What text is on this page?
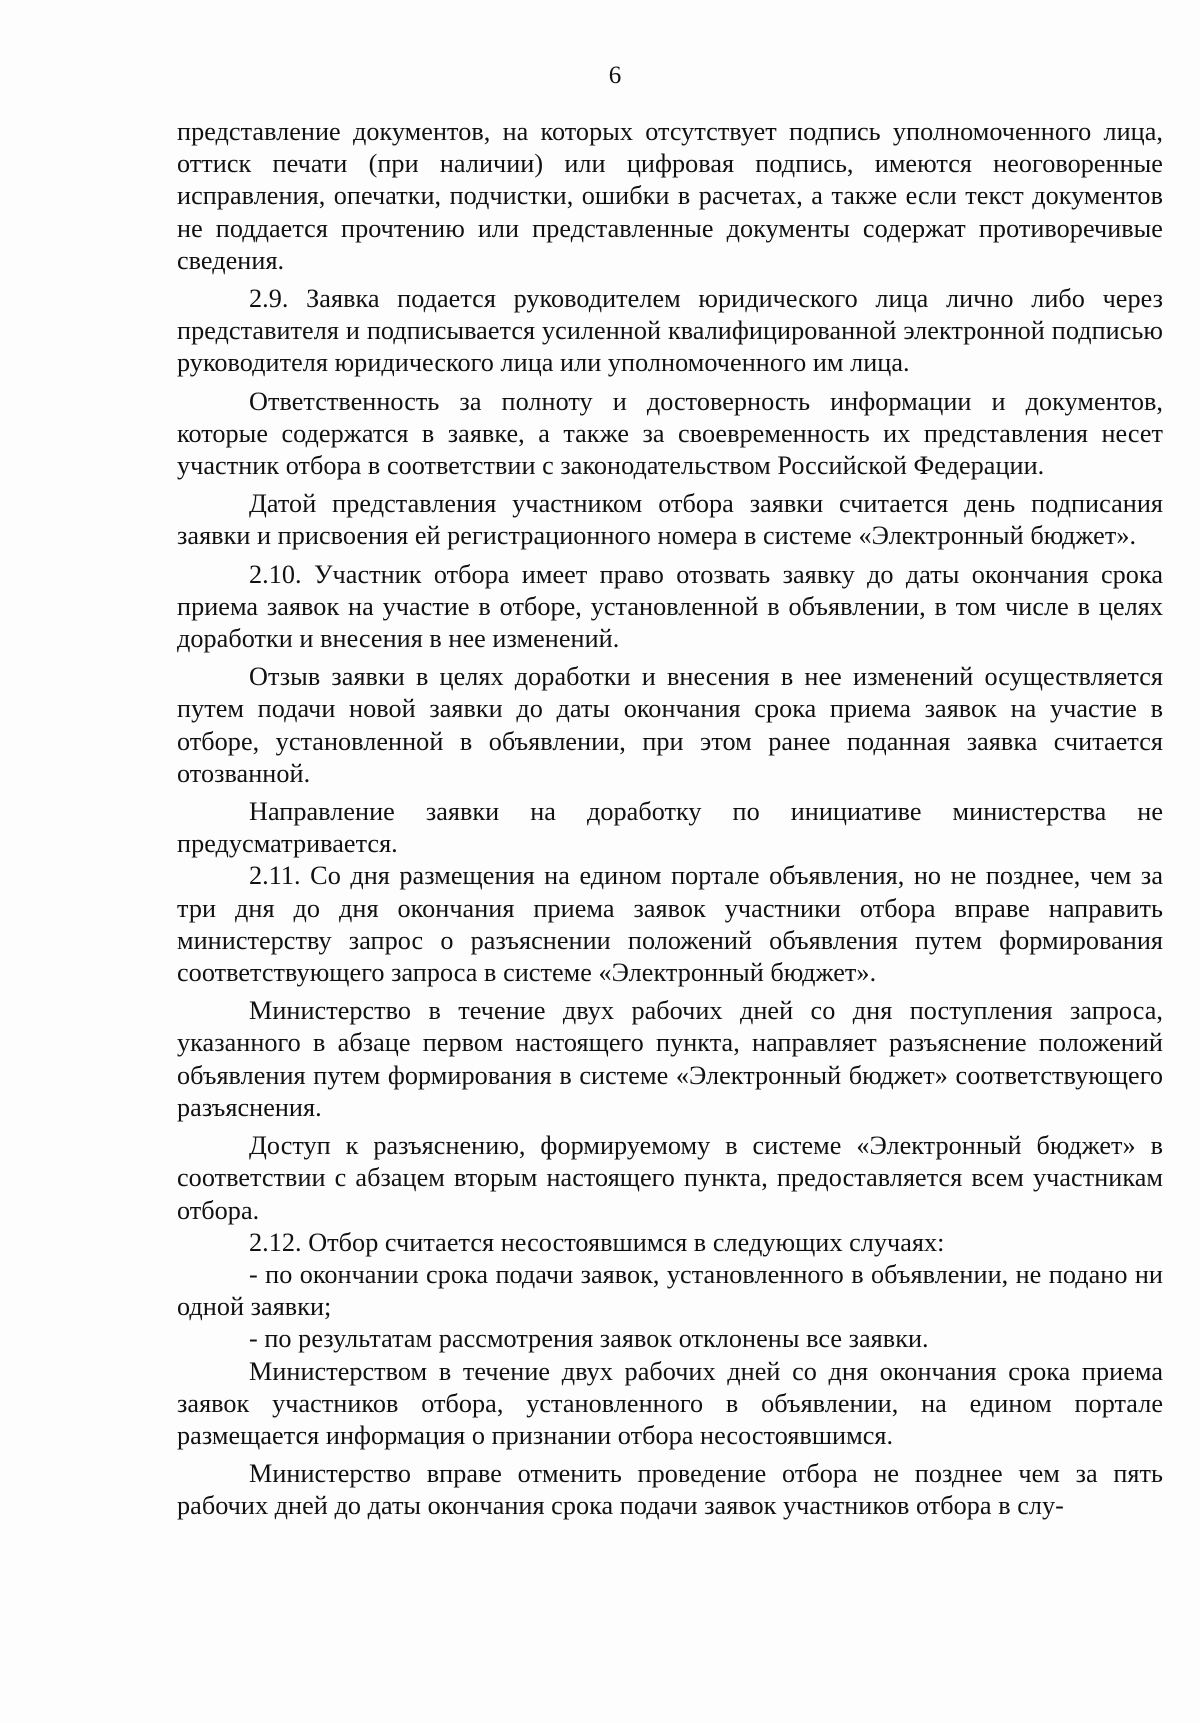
6

представление документов, на которых отсутствует подпись уполномоченного лица, оттиск печати (при наличии) или цифровая подпись, имеются неоговоренные исправления, опечатки, подчистки, ошибки в расчетах, а также если текст документов не поддается прочтению или представленные документы содержат противоречивые сведения.

2.9. Заявка подается руководителем юридического лица лично либо через представителя и подписывается усиленной квалифицированной электронной подписью руководителя юридического лица или уполномоченного им лица.

Ответственность за полноту и достоверность информации и документов, которые содержатся в заявке, а также за своевременность их представления несет участник отбора в соответствии с законодательством Российской Федерации.

Датой представления участником отбора заявки считается день подписания заявки и присвоения ей регистрационного номера в системе «Электронный бюджет».

2.10. Участник отбора имеет право отозвать заявку до даты окончания срока приема заявок на участие в отборе, установленной в объявлении, в том числе в целях доработки и внесения в нее изменений.

Отзыв заявки в целях доработки и внесения в нее изменений осуществляется путем подачи новой заявки до даты окончания срока приема заявок на участие в отборе, установленной в объявлении, при этом ранее поданная заявка считается отозванной.

Направление заявки на доработку по инициативе министерства не предусматривается.

2.11. Со дня размещения на едином портале объявления, но не позднее, чем за три дня до дня окончания приема заявок участники отбора вправе направить министерству запрос о разъяснении положений объявления путем формирования соответствующего запроса в системе «Электронный бюджет».

Министерство в течение двух рабочих дней со дня поступления запроса, указанного в абзаце первом настоящего пункта, направляет разъяснение положений объявления путем формирования в системе «Электронный бюджет» соответствующего разъяснения.

Доступ к разъяснению, формируемому в системе «Электронный бюджет» в соответствии с абзацем вторым настоящего пункта, предоставляется всем участникам отбора.

2.12. Отбор считается несостоявшимся в следующих случаях:

- по окончании срока подачи заявок, установленного в объявлении, не подано ни одной заявки;

- по результатам рассмотрения заявок отклонены все заявки.

Министерством в течение двух рабочих дней со дня окончания срока приема заявок участников отбора, установленного в объявлении, на едином портале размещается информация о признании отбора несостоявшимся.

Министерство вправе отменить проведение отбора не позднее чем за пять рабочих дней до даты окончания срока подачи заявок участников отбора в слу-
